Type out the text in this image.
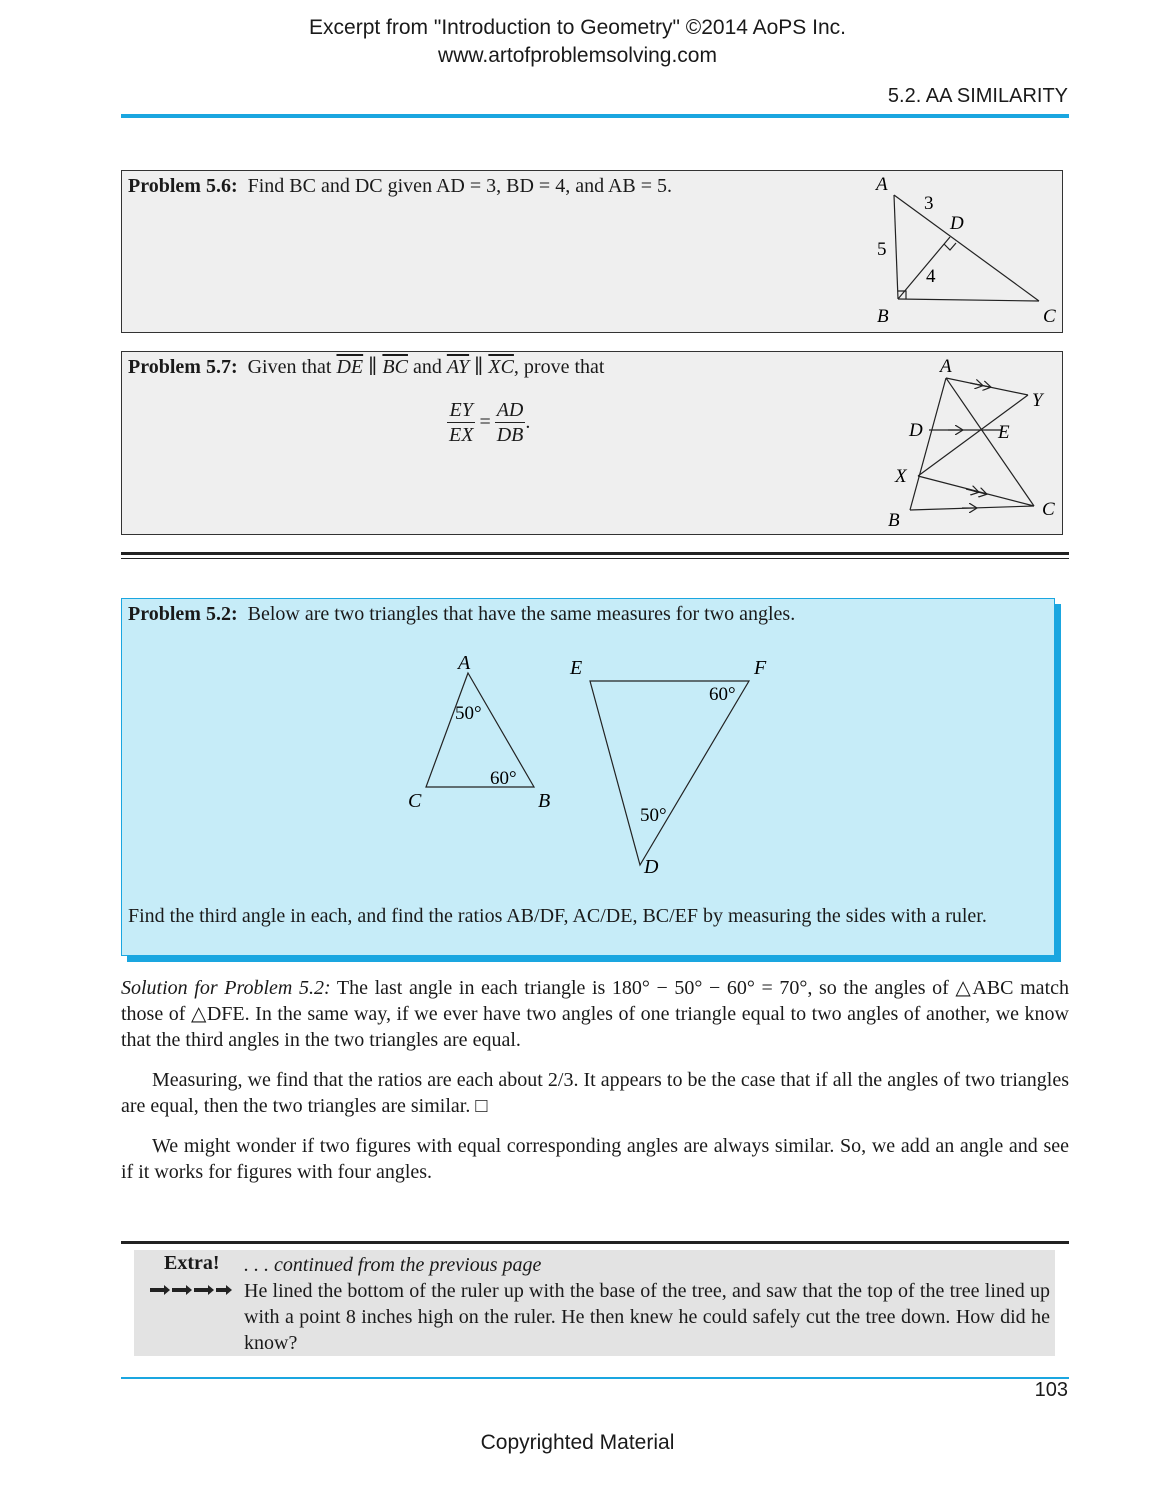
Excerpt from "Introduction to Geometry" ©2014 AoPS Inc.
www.artofproblemsolving.com
5.2. AA SIMILARITY
Problem 5.6: Find BC and DC given AD = 3, BD = 4, and AB = 5.	A
3
D
5
4
B	C
Problem 5.7: Given that $\overline{DE}$ ∥ $\overline{BC}$ and $\overline{AY}$ ∥ $\overline{XC}$, prove that
$\frac{EY}{EX} = \frac{AD}{DB}$ .
A
Y
D	E
X
B
C
Problem 5.2: Below are two triangles that have the same measures for two angles.
A
50°
60°
C	B
E	F
60°
50°
D
Find the third angle in each, and find the ratios AB/DF, AC/DE, BC/EF by measuring the sides with a ruler.
Solution for Problem 5.2: The last angle in each triangle is 180° − 50° − 60° = 70°, so the angles of △ABC match those of △DFE. In the same way, if we ever have two angles of one triangle equal to two angles of another, we know that the third angles in the two triangles are equal.
Measuring, we find that the ratios are each about 2/3. It appears to be the case that if all the angles of two triangles are equal, then the two triangles are similar. □
We might wonder if two figures with equal corresponding angles are always similar. So, we add an angle and see if it works for figures with four angles.
Extra! . . . continued from the previous page
He lined the bottom of the ruler up with the base of the tree, and saw that the top of the tree lined up with a point 8 inches high on the ruler. He then knew he could safely cut the tree down. How did he know?
103
Copyrighted Material
